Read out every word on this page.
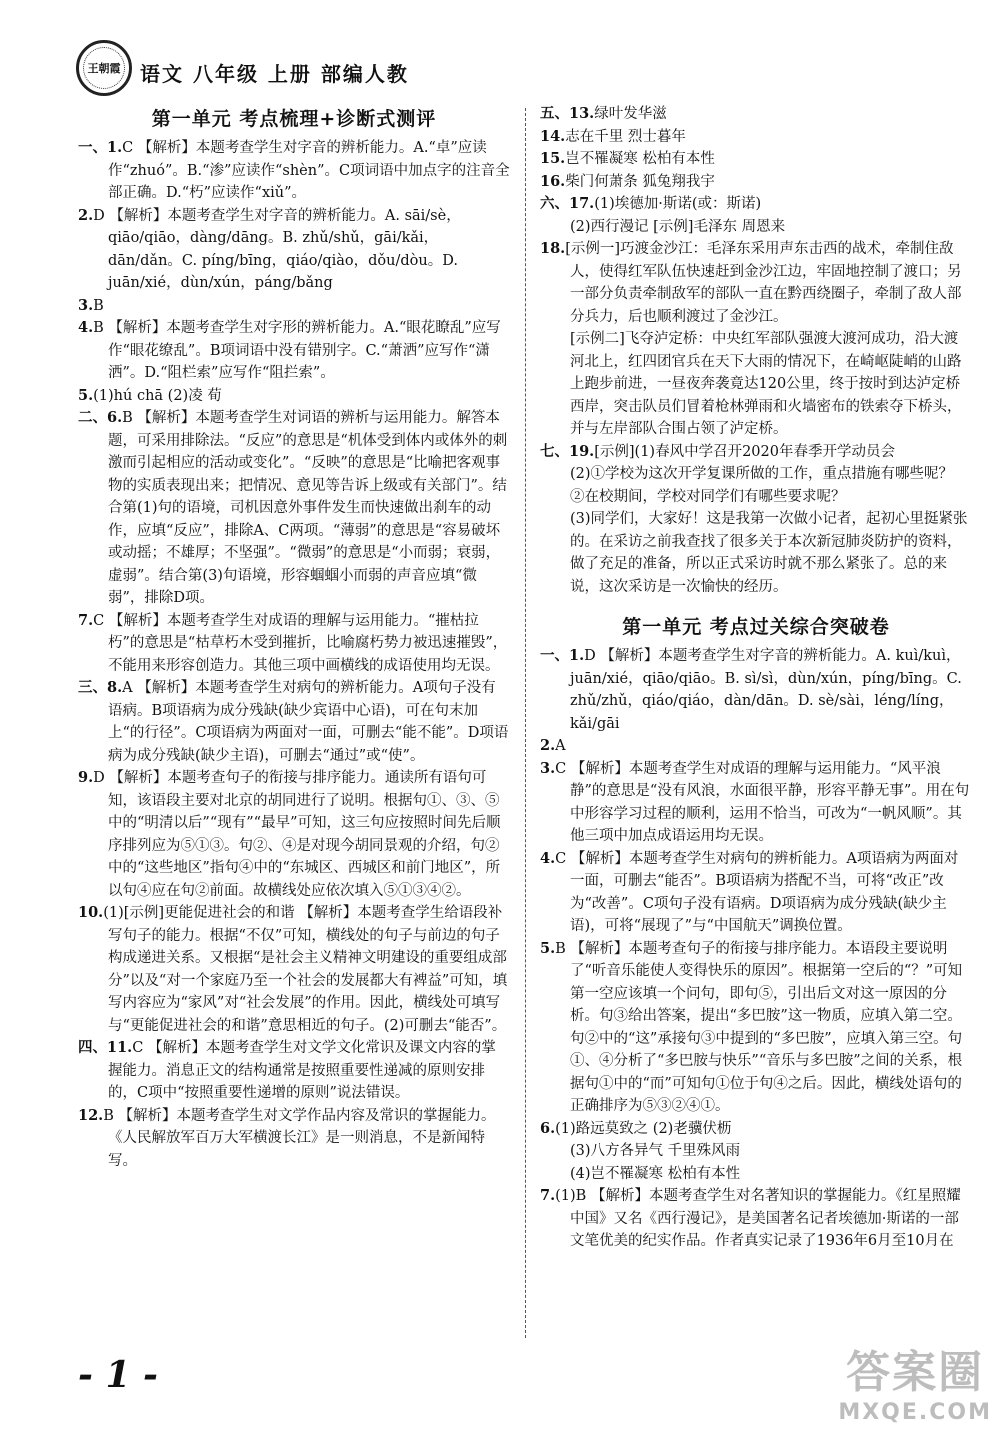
王朝霞 语文 八年级 上册 部编人教
第一单元 考点梳理+诊断式测评
一、1.C 【解析】本题考查学生对字音的辨析能力。A.“卓”应读作“zhuó”。B.“渗”应读作“shèn”。C项词语中加点字的注音全部正确。D.“朽”应读作“xiǔ”。
2.D 【解析】本题考查学生对字音的辨析能力。A. sāi/sè，qiāo/qiāo，dàng/dāng。B. zhǔ/shǔ，gāi/kǎi，dān/dǎn。C. píng/bīng，qiáo/qiào，dǒu/dòu。D. juān/xié，dùn/xún，páng/bǎng
3.B
4.B 【解析】本题考查学生对字形的辨析能力。A.“眼花瞭乱”应写作“眼花缭乱”。B项词语中没有错别字。C.“萧洒”应写作“潇洒”。D.“阻栏索”应写作“阻拦索”。
5.(1)hú chā (2)凌 荀
二、6.B 【解析】本题考查学生对词语的辨析与运用能力。解答本题，可采用排除法。“反应”的意思是“机体受到体内或体外的刺激而引起相应的活动或变化”。“反映”的意思是“比喻把客观事物的实质表现出来；把情况、意见等告诉上级或有关部门”。结合第(1)句的语境，司机因意外事件发生而快速做出刹车的动作，应填“反应”，排除A、C两项。“薄弱”的意思是“容易破坏或动摇；不雄厚；不坚强”。“微弱”的意思是“小而弱；衰弱，虚弱”。结合第(3)句语境，形容蝈蝈小而弱的声音应填“微弱”，排除D项。
7.C 【解析】本题考查学生对成语的理解与运用能力。“摧枯拉朽”的意思是“枯草朽木受到摧折，比喻腐朽势力被迅速摧毁”，不能用来形容创造力。其他三项中画横线的成语使用均无误。
三、8.A 【解析】本题考查学生对病句的辨析能力。A项句子没有语病。B项语病为成分残缺(缺少宾语中心语)，可在句末加上“的行径”。C项语病为两面对一面，可删去“能不能”。D项语病为成分残缺(缺少主语)，可删去“通过”或“使”。
9.D 【解析】本题考查句子的衔接与排序能力。通读所有语句可知，该语段主要对北京的胡同进行了说明。根据句①、③、⑤中的“明清以后”“现有”“最早”可知，这三句应按照时间先后顺序排列应为⑤①③。句②、④是对现今胡同景观的介绍，句②中的“这些地区”指句④中的“东城区、西城区和前门地区”，所以句④应在句②前面。故横线处应依次填入⑤①③④②。
10.(1)[示例]更能促进社会的和谐 【解析】本题考查学生给语段补写句子的能力。根据“不仅”可知，横线处的句子与前边的句子构成递进关系。又根据“是社会主义精神文明建设的重要组成部分”以及“对一个家庭乃至一个社会的发展都大有裨益”可知，填写内容应为“家风”对“社会发展”的作用。因此，横线处可填写与“更能促进社会的和谐”意思相近的句子。(2)可删去“能否”。
四、11.C 【解析】本题考查学生对文学文化常识及课文内容的掌握能力。消息正文的结构通常是按照重要性递减的原则安排的，C项中“按照重要性递增的原则”说法错误。
12.B 【解析】本题考查学生对文学作品内容及常识的掌握能力。《人民解放军百万大军横渡长江》是一则消息，不是新闻特写。
五、13.绿叶发华滋
14.志在千里 烈士暮年
15.岂不罹凝寒 松柏有本性
16.柴门何萧条 狐兔翔我宇
六、17.(1)埃德加·斯诺(或：斯诺)
(2)西行漫记 [示例]毛泽东 周恩来
18.[示例一]巧渡金沙江：毛泽东采用声东击西的战术，牵制住敌人，使得红军队伍快速赶到金沙江边，牢固地控制了渡口；另一部分负责牵制敌军的部队一直在黔西绕圈子，牵制了敌人部分兵力，后也顺利渡过了金沙江。
[示例二]飞夺泸定桥：中央红军部队强渡大渡河成功，沿大渡河北上，红四团官兵在天下大雨的情况下，在崎岖陡峭的山路上跑步前进，一昼夜奔袭竟达120公里，终于按时到达泸定桥西岸，突击队员们冒着枪林弹雨和火墙密布的铁索夺下桥头，并与左岸部队合围占领了泸定桥。
七、19.[示例](1)春风中学召开2020年春季开学动员会
(2)①学校为这次开学复课所做的工作，重点措施有哪些呢？
②在校期间，学校对同学们有哪些要求呢？
(3)同学们，大家好！这是我第一次做小记者，起初心里挺紧张的。在采访之前我查找了很多关于本次新冠肺炎防护的资料，做了充足的准备，所以正式采访时就不那么紧张了。总的来说，这次采访是一次愉快的经历。
第一单元 考点过关综合突破卷
一、1.D 【解析】本题考查学生对字音的辨析能力。A. kuì/kuì，juān/xié，qiāo/qiāo。B. sì/sì，dùn/xún，píng/bīng。C. zhǔ/zhǔ，qiáo/qiáo，dàn/dān。D. sè/sài，léng/líng，kǎi/gāi
2.A
3.C 【解析】本题考查学生对成语的理解与运用能力。“风平浪静”的意思是“没有风浪，水面很平静，形容平静无事”。用在句中形容学习过程的顺利，运用不恰当，可改为“一帆风顺”。其他三项中加点成语运用均无误。
4.C 【解析】本题考查学生对病句的辨析能力。A项语病为两面对一面，可删去“能否”。B项语病为搭配不当，可将“改正”改为“改善”。C项句子没有语病。D项语病为成分残缺(缺少主语)，可将“展现了”与“中国航天”调换位置。
5.B 【解析】本题考查句子的衔接与排序能力。本语段主要说明了“听音乐能使人变得快乐的原因”。根据第一空后的“？”可知第一空应该填一个问句，即句⑤，引出后文对这一原因的分析。句③给出答案，提出“多巴胺”这一物质，应填入第二空。句②中的“这”承接句③中提到的“多巴胺”，应填入第三空。句①、④分析了“多巴胺与快乐”“音乐与多巴胺”之间的关系，根据句①中的“而”可知句①位于句④之后。因此，横线处语句的正确排序为⑤③②④①。
6.(1)路远莫致之 (2)老骥伏枥
(3)八方各异气 千里殊风雨
(4)岂不罹凝寒 松柏有本性
7.(1)B 【解析】本题考查学生对名著知识的掌握能力。《红星照耀中国》又名《西行漫记》，是美国著名记者埃德加·斯诺的一部文笔优美的纪实作品。作者真实记录了1936年6月至10月在
- 1 -	答案圈
MXQE.COM
